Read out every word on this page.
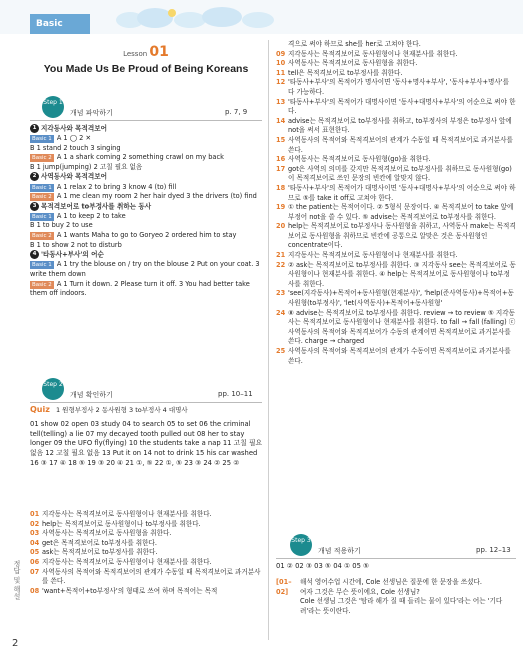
Basic
정답 및 해설
2
Lesson 01
You Made Us Be Proud of Being Koreans
Step 1
개념 파악하기	p. 7, 9

1 지각동사와 목적격보어

Basic 1 A 1 ◯ 2 ✕

B 1 stand 2 touch 3 singing

Basic 2 A 1 a shark coming 2 something crawl on my back

B 1 jump(jumping) 2 고칠 필요 없음

2 사역동사와 목적격보어

Basic 1 A 1 relax 2 to bring 3 know 4 (to) fill

Basic 2 A 1 me clean my room 2 her hair dyed 3 the drivers (to) find

3 목적격보어로 to부정사를 취하는 동사

Basic 1 A 1 to keep 2 to take

B 1 to buy 2 to use

Basic 2 A 1 wants Maha to go to Goryeo 2 ordered him to stay

B 1 to show 2 not to disturb

4 '타동사+부사'의 어순

Basic 1 A 1 try the blouse on / try on the blouse 2 Put on your coat. 3 write them down

Basic 2 A 1 Turn it down. 2 Please turn it off. 3 You had better take them off indoors.

Step 2
개념 확인하기	pp. 10–11
Quiz 1 원형부정사 2 동사원형 3 to부정사 4 대명사
01 show 02 open 03 study 04 to search 05 to set 06 the criminal tell(telling) a lie 07 my decayed tooth pulled out 08 her to stay longer 09 the UFO fly(flying) 10 the students take a nap 11 고칠 필요 없음 12 고칠 필요 없음 13 Put it on 14 not to drink 15 his car washed 16 ③ 17 ④ 18 ⑤ 19 ③ 20 ④ 21 ①, ⑤ 22 ①, ⑤ 23 ③ 24 ② 25 ②
01 지각동사는 목적격보어로 동사원형이나 현재분사를 취한다.
02 help는 목적격보어로 동사원형이나 to부정사를 취한다.
03 사역동사는 목적격보어로 동사원형을 취한다.
04 get은 목적격보어로 to부정사를 취한다.
05 ask는 목적격보어로 to부정사를 취한다.
06 지각동사는 목적격보어로 동사원형이나 현재분사를 취한다.
07 사역동사의 목적어와 목적격보어의 관계가 수동일 때 목적격보어로 과거분사를 쓴다.
08 'want+목적어+to부정사'의 형태로 쓰여 하며 목적어는 목적
격으로 써야 하므로 she를 her로 고쳐야 한다.
09 지각동사는 목적격보어로 동사원형이나 현재분사를 취한다.
10 사역동사는 목적격보어로 동사원형을 취한다.
11 tell은 목적격보어로 to부정사를 취한다.
12 '타동사+부사'의 목적어가 명사이면 '동사+명사+부사', '동사+부사+명사'를 다 가능하다.
13 '타동사+부사'의 목적어가 대명사이면 '동사+대명사+부사'의 어순으로 써야 한다.
14 advise는 목적격보어로 to부정사를 취하고, to부정사의 부정은 to부정사 앞에 not을 써서 표현한다.
15 사역동사의 목적어와 목적격보어의 관계가 수동일 때 목적격보어로 과거분사를 쓴다.
16 사역동사는 목적격보어로 동사원형(go)을 취한다.
17 got은 사역의 의미를 갖지만 목적격보어로 to부정사를 취하므로 동사원형(go)이 목적격보어로 쓰인 문장의 빈칸에 알맞지 않다.
18 '타동사+부사'의 목적어가 대명사이면 '동사+대명사+부사'의 어순으로 써야 하므로 ⑤를 take it off로 고쳐야 한다.
19 ① the patient는 목적어이다. ② 5형식 문장이다. ④ 목적격보어 to take 앞에 부정어 not을 쓸 수 있다. ⑤ advise는 목적격보어로 to부정사를 취한다.
20 help는 목적격보어로 to부정사나 동사원형을 취하고, 사역동사 make는 목적격보어로 동사원형을 취하므로 빈칸에 공통으로 알맞은 것은 동사원형인 concentrate이다.
21 지각동사는 목적격보어로 동사원형이나 현재분사를 취한다.
22 ② ask는 목적격보어로 to부정사를 취한다. ③ 지각동사 see는 목적격보어로 동사원형이나 현재분사를 취한다. ④ help는 목적격보어로 동사원형이나 to부정사를 취한다.
23 'see(지각동사)+목적어+동사원형(현재분사)', 'help(준사역동사)+목적어+동사원형(to부정사)', 'let(사역동사)+목적어+동사원형'
24 ⑧ advise는 목적격보어로 to부정사를 취한다. review → to review ⑤ 지각동사는 목적격보어로 동사원형이나 현재분사를 취한다. to fall → fall (falling) ⓒ 사역동사의 목적어와 목적격보어가 수동의 관계이면 목적격보어로 과거분사를 쓴다. charge → charged
25 사역동사의 목적어와 목적격보어의 관계가 수동이면 목적격보어로 과거분사를 쓴다.
Step 3
개념 적용하기	pp. 12–13
01 ② 02 ③ 03 ⑤ 04 ① 05 ⑤
[01–02]
해석 영어수업 시간에, Cole 선생님은 질문에 한 문장을 쓰셨다.
여자 그것은 무슨 뜻이에요, Cole 선생님?
Cole 선생님 그것은 '탐라 해가 질 때 들리는 물이 있다'라는 어는 '기다려'라는 뜻이란다.
